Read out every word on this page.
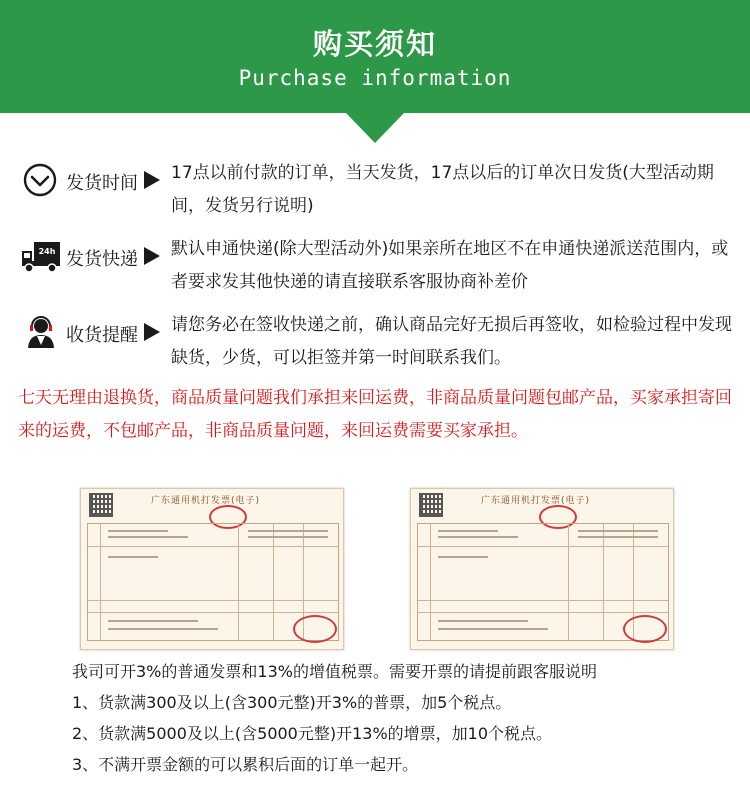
购买须知
Purchase information
发货时间 17点以前付款的订单，当天发货，17点以后的订单次日发货(大型活动期间，发货另行说明)
24h 发货快递 默认申通快递(除大型活动外)如果亲所在地区不在申通快递派送范围内，或者要求发其他快递的请直接联系客服协商补差价
收货提醒 请您务必在签收快递之前，确认商品完好无损后再签收，如检验过程中发现缺货，少货，可以拒签并第一时间联系我们。
七天无理由退换货，商品质量问题我们承担来回运费，非商品质量问题包邮产品，买家承担寄回来的运费，不包邮产品，非商品质量问题，来回运费需要买家承担。
广东通用机打发票(电子)	广东通用机打发票(电子)
我司可开3%的普通发票和13%的增值税票。需要开票的请提前跟客服说明
1、货款满300及以上(含300元整)开3%的普票，加5个税点。
2、货款满5000及以上(含5000元整)开13%的增票，加10个税点。
3、不满开票金额的可以累积后面的订单一起开。
